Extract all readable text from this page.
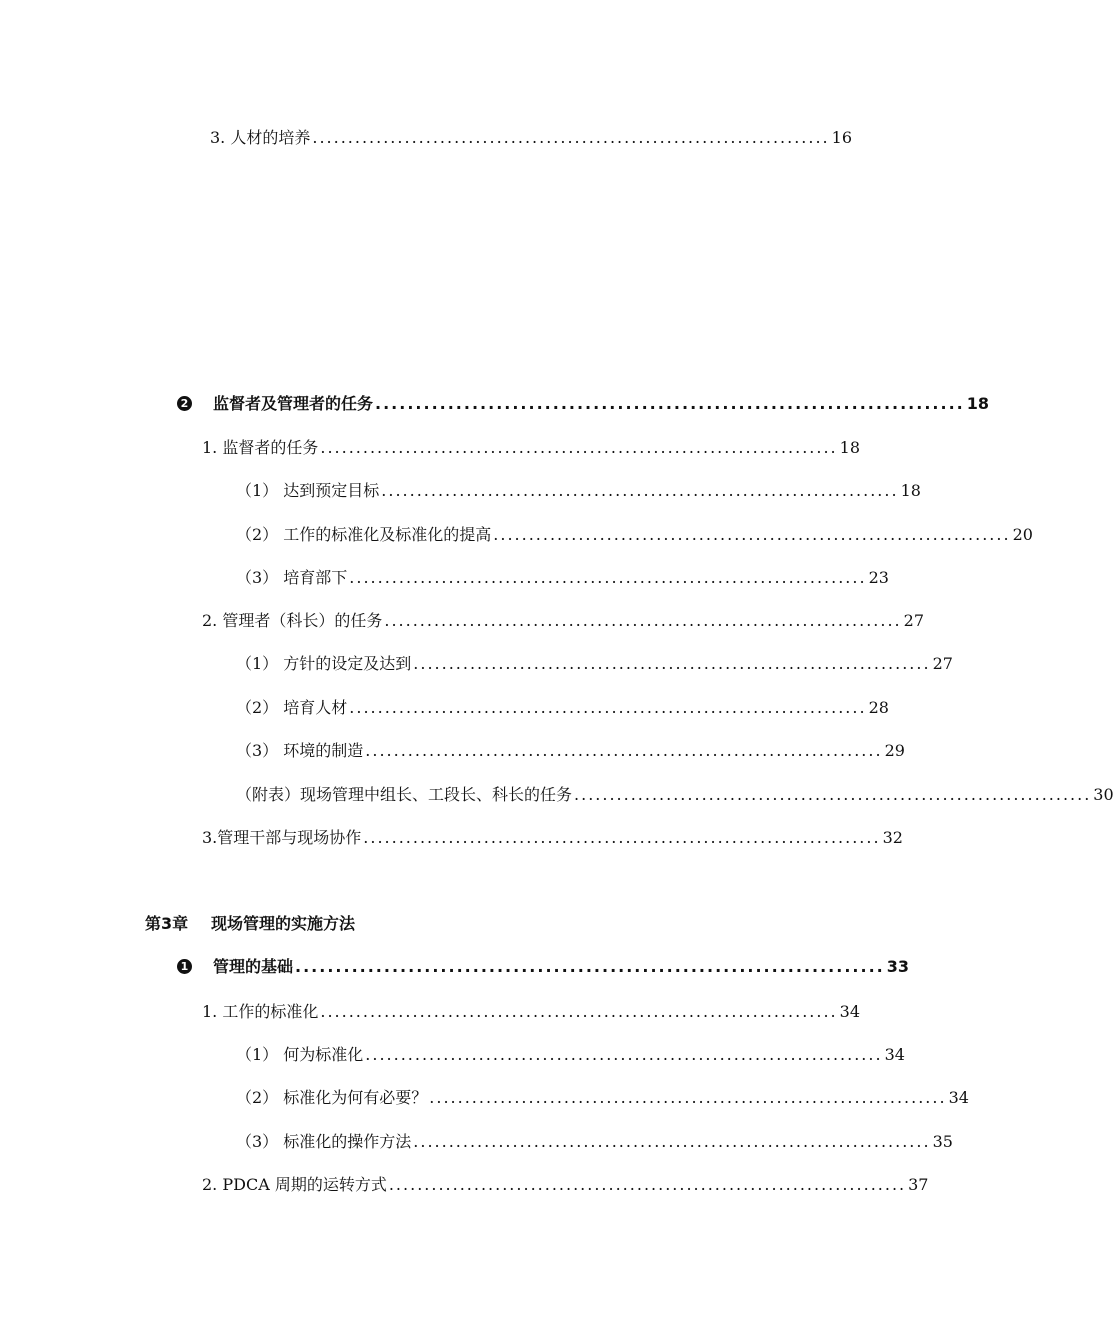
3. 人材的培养 ......................................................................... 16
2 监督者及管理者的任务 ......................................................................... 18
1. 监督者的任务 ......................................................................... 18
（1） 达到预定目标 ......................................................................... 18
（2） 工作的标准化及标准化的提高 ......................................................................... 20
（3） 培育部下 ......................................................................... 23
2. 管理者（科长）的任务 ......................................................................... 27
（1） 方针的设定及达到 ......................................................................... 27
（2） 培育人材 ......................................................................... 28
（3） 环境的制造 ......................................................................... 29
（附表）现场管理中组长、工段长、科长的任务 ......................................................................... 30
3.管理干部与现场协作 ......................................................................... 32
第3章 现场管理的实施方法
1 管理的基础 ......................................................................... 33
1. 工作的标准化 ......................................................................... 34
（1） 何为标准化 ......................................................................... 34
（2） 标准化为何有必要？ ......................................................................... 34
（3） 标准化的操作方法 ......................................................................... 35
2. PDCA 周期的运转方式 ......................................................................... 37
